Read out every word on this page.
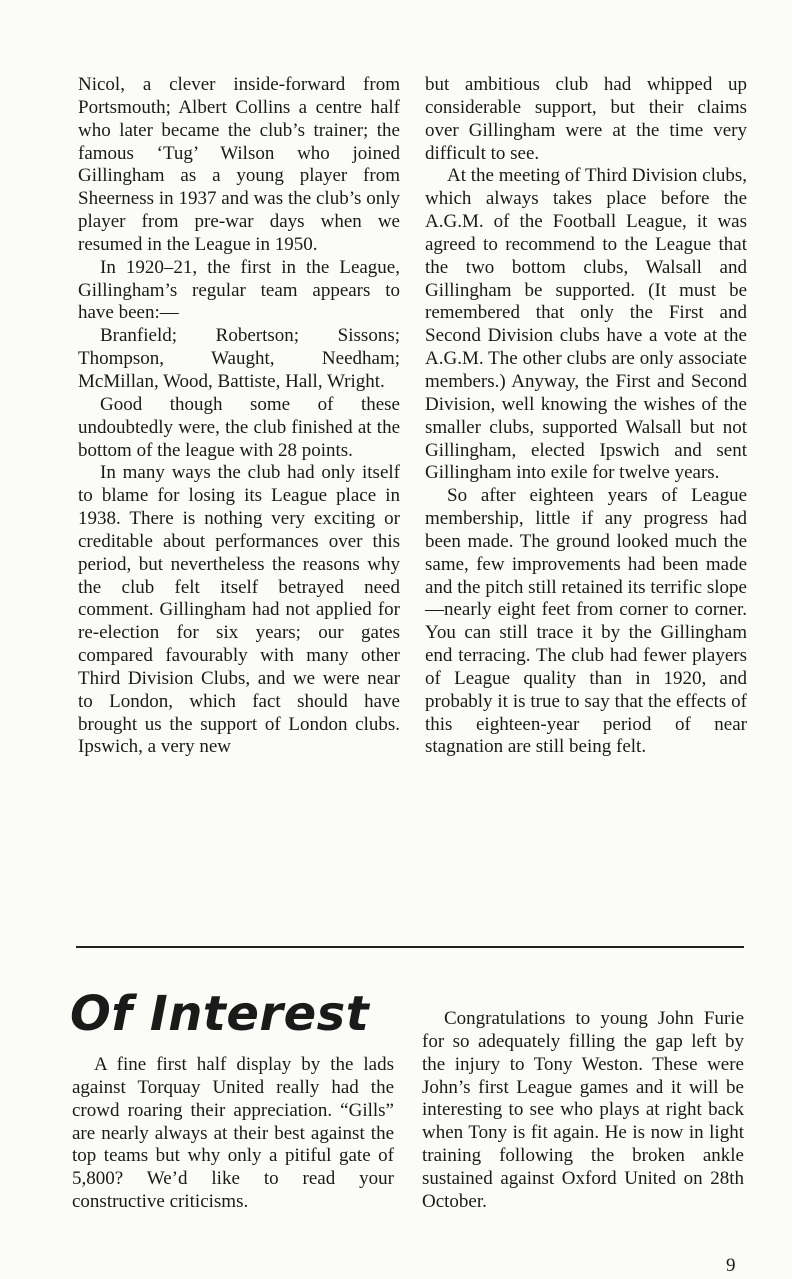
Nicol, a clever inside-forward from Portsmouth; Albert Collins a centre half who later became the club’s trainer; the famous ‘Tug’ Wilson who joined Gillingham as a young player from Sheerness in 1937 and was the club’s only player from pre-war days when we resumed in the League in 1950.

In 1920–21, the first in the League, Gillingham’s regular team appears to have been:—

Branfield; Robertson; Sissons; Thompson, Waught, Needham; McMillan, Wood, Battiste, Hall, Wright.

Good though some of these undoubtedly were, the club finished at the bottom of the league with 28 points.

In many ways the club had only itself to blame for losing its League place in 1938. There is nothing very exciting or creditable about performances over this period, but nevertheless the reasons why the club felt itself betrayed need comment. Gillingham had not applied for re-election for six years; our gates compared favourably with many other Third Division Clubs, and we were near to London, which fact should have brought us the support of London clubs. Ipswich, a very new

but ambitious club had whipped up considerable support, but their claims over Gillingham were at the time very difficult to see.

At the meeting of Third Division clubs, which always takes place before the A.G.M. of the Football League, it was agreed to recommend to the League that the two bottom clubs, Walsall and Gillingham be supported. (It must be remembered that only the First and Second Division clubs have a vote at the A.G.M. The other clubs are only associate members.) Anyway, the First and Second Division, well knowing the wishes of the smaller clubs, supported Walsall but not Gillingham, elected Ipswich and sent Gillingham into exile for twelve years.

So after eighteen years of League membership, little if any progress had been made. The ground looked much the same, few improvements had been made and the pitch still retained its terrific slope—nearly eight feet from corner to corner. You can still trace it by the Gillingham end terracing. The club had fewer players of League quality than in 1920, and probably it is true to say that the effects of this eighteen-year period of near stagnation are still being felt.

Of Interest

A fine first half display by the lads against Torquay United really had the crowd roaring their appreciation. “Gills” are nearly always at their best against the top teams but why only a pitiful gate of 5,800? We’d like to read your constructive criticisms.

Congratulations to young John Furie for so adequately filling the gap left by the injury to Tony Weston. These were John’s first League games and it will be interesting to see who plays at right back when Tony is fit again. He is now in light training following the broken ankle sustained against Oxford United on 28th October.

9
